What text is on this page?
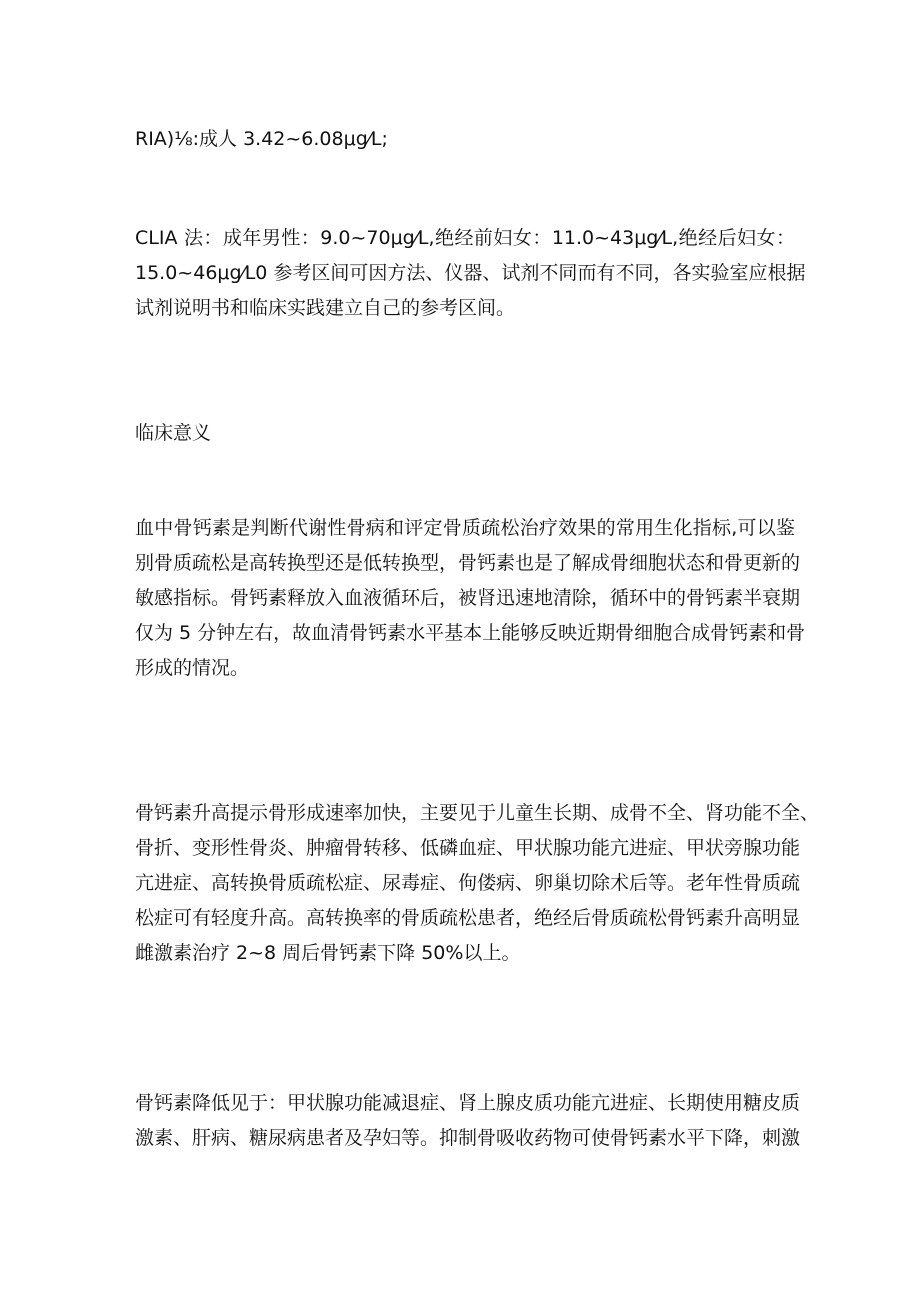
RIA)⅛:成人 3.42~6.08μg⁄L;
CLIA 法：成年男性：9.0~70μg⁄L,绝经前妇女：11.0~43μg⁄L,绝经后妇女：
15.0~46μg⁄L0 参考区间可因方法、仪器、试剂不同而有不同，各实验室应根据
试剂说明书和临床实践建立自己的参考区间。
临床意义
血中骨钙素是判断代谢性骨病和评定骨质疏松治疗效果的常用生化指标,可以鉴
别骨质疏松是高转换型还是低转换型，骨钙素也是了解成骨细胞状态和骨更新的
敏感指标。骨钙素释放入血液循环后，被肾迅速地清除，循环中的骨钙素半衰期
仅为 5 分钟左右，故血清骨钙素水平基本上能够反映近期骨细胞合成骨钙素和骨
形成的情况。
骨钙素升高提示骨形成速率加快，主要见于儿童生长期、成骨不全、肾功能不全、
骨折、变形性骨炎、肿瘤骨转移、低磷血症、甲状腺功能亢进症、甲状旁腺功能
亢进症、高转换骨质疏松症、尿毒症、佝偻病、卵巢切除术后等。老年性骨质疏
松症可有轻度升高。高转换率的骨质疏松患者，绝经后骨质疏松骨钙素升高明显
雌激素治疗 2~8 周后骨钙素下降 50%以上。
骨钙素降低见于：甲状腺功能减退症、肾上腺皮质功能亢进症、长期使用糖皮质
激素、肝病、糖尿病患者及孕妇等。抑制骨吸收药物可使骨钙素水平下降，刺激
